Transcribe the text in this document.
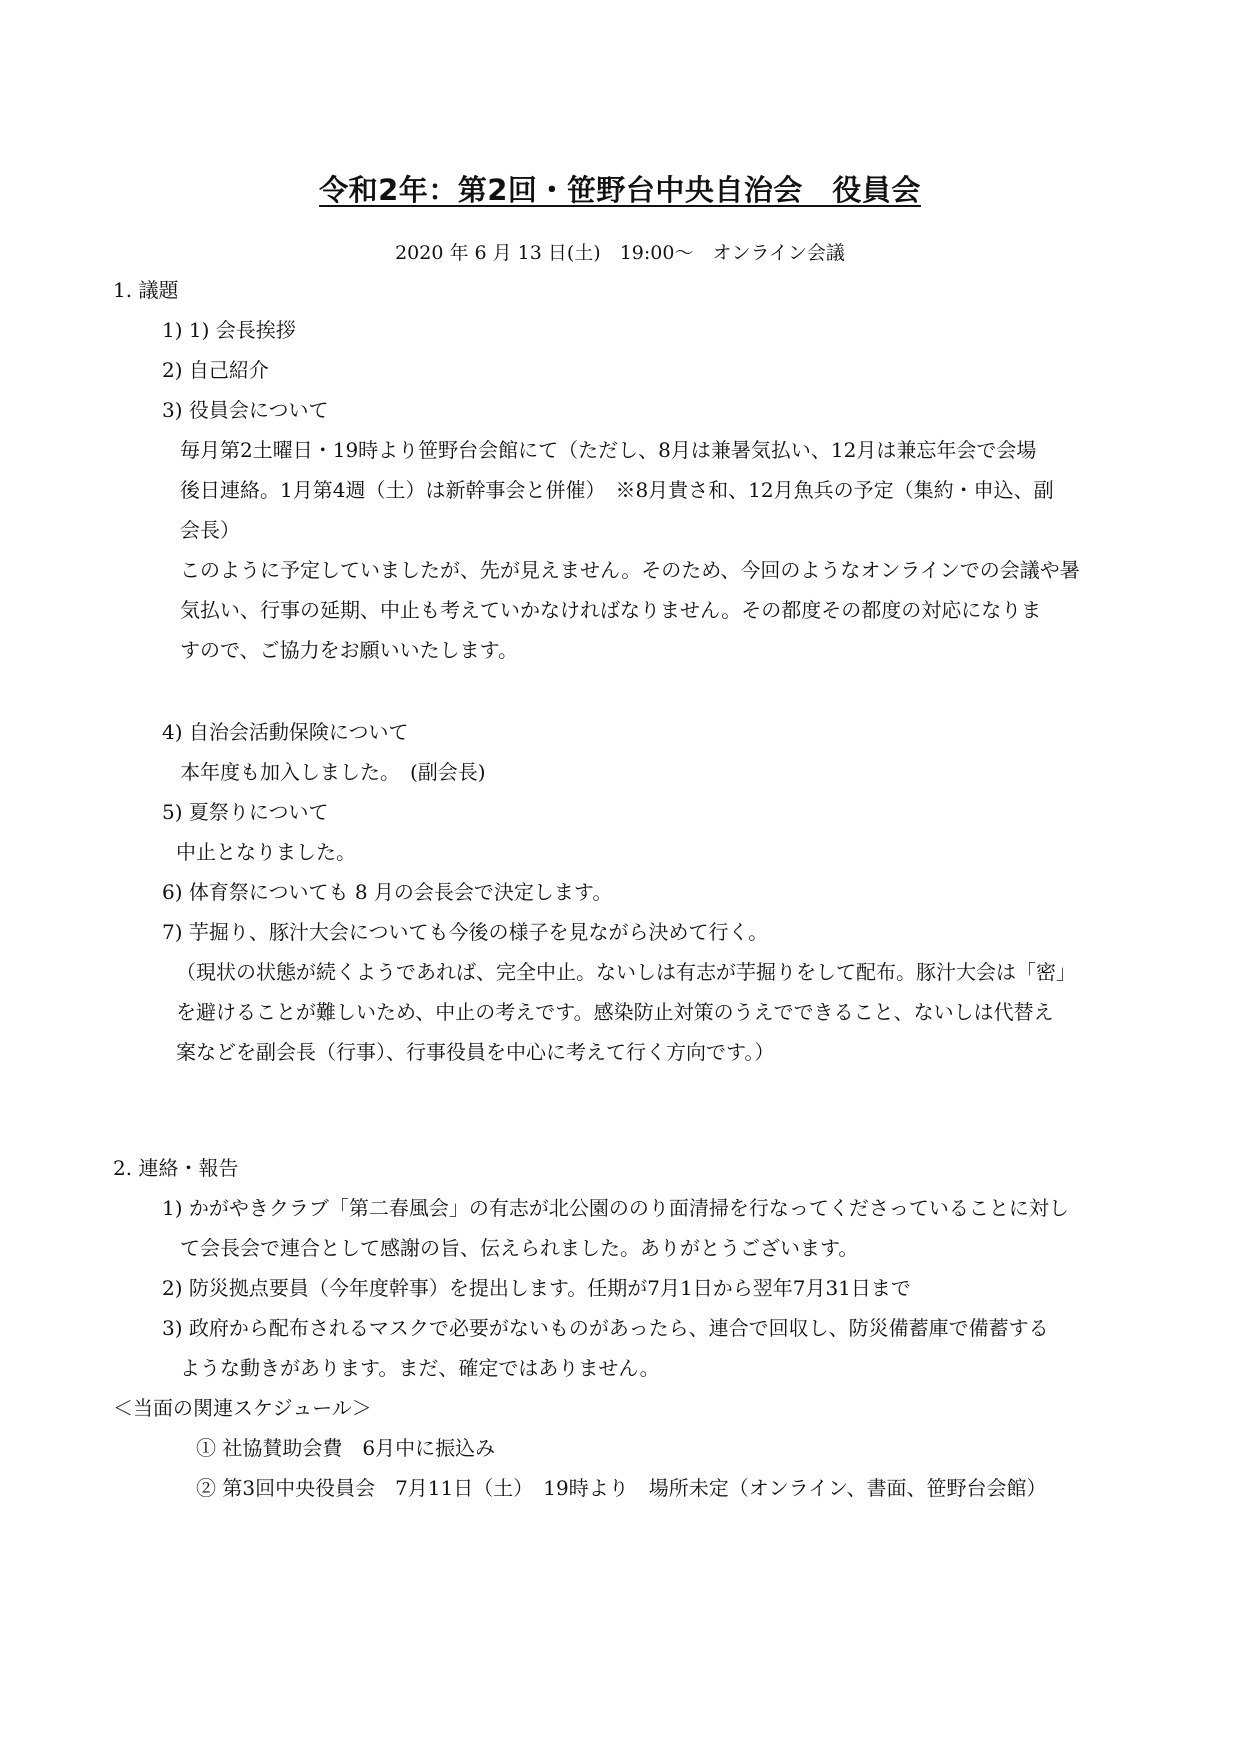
令和2年：第2回・笹野台中央自治会　役員会
2020 年 6 月 13 日(土)　19:00～　オンライン会議
1. 議題
1) 1) 会長挨拶
2) 自己紹介
3) 役員会について
毎月第2土曜日・19時より笹野台会館にて（ただし、8月は兼暑気払い、12月は兼忘年会で会場
後日連絡。1月第4週（土）は新幹事会と併催）　※8月貴さ和、12月魚兵の予定（集約・申込、副
会長）
このように予定していましたが、先が見えません。そのため、今回のようなオンラインでの会議や暑
気払い、行事の延期、中止も考えていかなければなりません。その都度その都度の対応になりま
すので、ご協力をお願いいたします。
4) 自治会活動保険について
本年度も加入しました。　(副会長)
5) 夏祭りについて
中止となりました。
6) 体育祭についても 8 月の会長会で決定します。
7) 芋掘り、豚汁大会についても今後の様子を見ながら決めて行く。
（現状の状態が続くようであれば、完全中止。ないしは有志が芋掘りをして配布。豚汁大会は「密」
を避けることが難しいため、中止の考えです。感染防止対策のうえでできること、ないしは代替え
案などを副会長（行事）、行事役員を中心に考えて行く方向です。）
2. 連絡・報告
1) かがやきクラブ「第二春風会」の有志が北公園ののり面清掃を行なってくださっていることに対し
て会長会で連合として感謝の旨、伝えられました。ありがとうございます。
2) 防災拠点要員（今年度幹事）を提出します。任期が7月1日から翌年7月31日まで
3) 政府から配布されるマスクで必要がないものがあったら、連合で回収し、防災備蓄庫で備蓄する
ような動きがあります。まだ、確定ではありません。
＜当面の関連スケジュール＞
① 社協賛助会費　6月中に振込み
② 第3回中央役員会　7月11日（土）　19時より　場所未定（オンライン、書面、笹野台会館）
